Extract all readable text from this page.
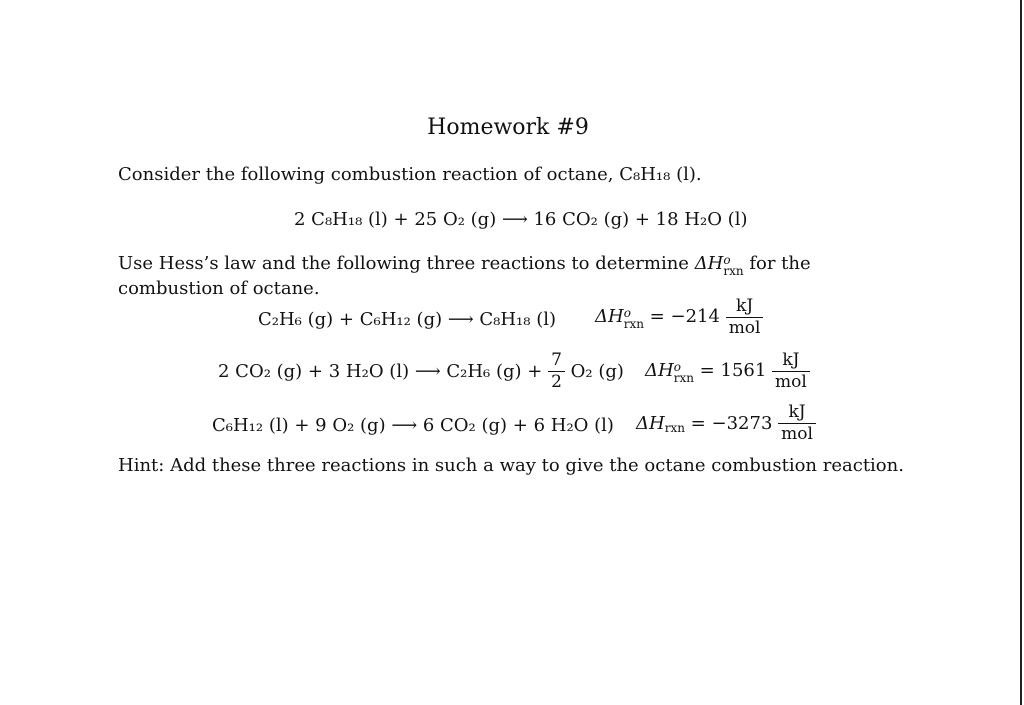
Homework #9
Consider the following combustion reaction of octane, C₈H₁₈ (l).
2 C₈H₁₈ (l) + 25 O₂ (g) ⟶ 16 CO₂ (g) + 18 H₂O (l)
Use Hess’s law and the following three reactions to determine ΔH o
rxn for the combustion of octane.
C₂H₆ (g) + C₆H₁₂ (g) ⟶ C₈H₁₈ (l) ΔH o
rxn = $-214 \frac{kJ}{\text{mol}}$
2 CO₂ (g) + 3 H₂O (l) ⟶ C₂H₆ $(g) + \frac{7}{2} O_2$ (g) ΔH o
rxn = $1561 \frac{kJ}{\text{mol}}$
C₆H₁₂ (l) + 9 O₂ (g) ⟶ 6 CO₂ (g) + 6 H₂O (l) $\Delta H_{rxn} = -3273 \frac{kJ}{\text{mol}}$
Hint: Add these three reactions in such a way to give the octane combustion reaction.
